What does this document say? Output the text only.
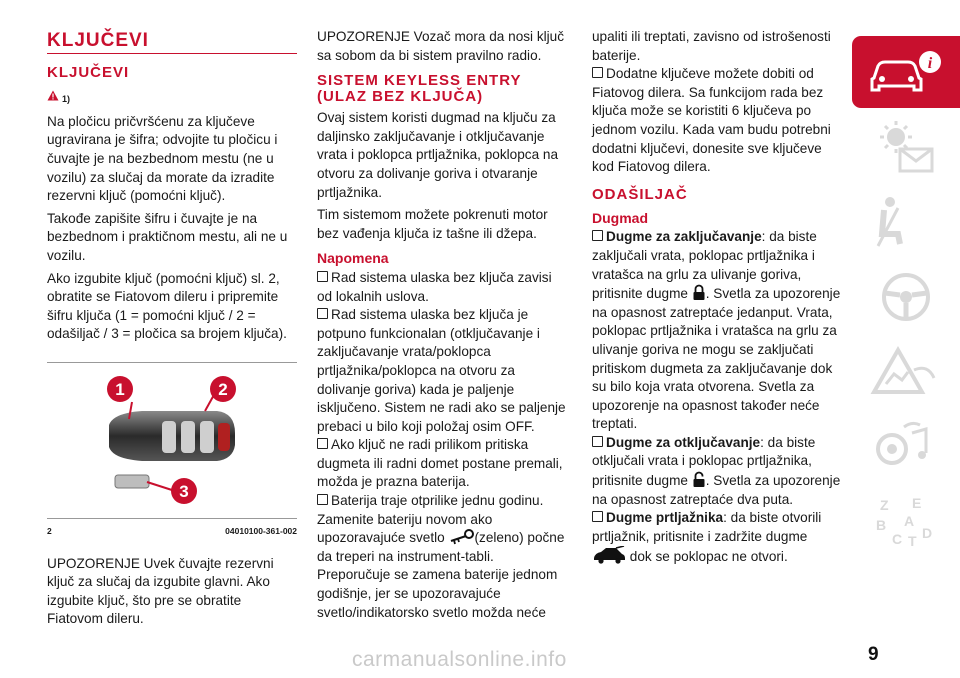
KLJUČEVI
KLJUČEVI
1)

Na pločicu pričvršćenu za ključeve ugravirana je šifra; odvojite tu pločicu i čuvajte je na bezbednom mestu (ne u vozilu) za slučaj da morate da izradite rezervni ključ (pomoćni ključ).

Takođe zapišite šifru i čuvajte je na bezbednom i praktičnom mestu, ali ne u vozilu.

Ako izgubite ključ (pomoćni ključ) sl. 2, obratite se Fiatovom dileru i pripremite šifru ključa (1 = pomoćni ključ / 2 = odašiljač / 3 = pločica sa brojem ključa).

1	2
3
2	04010100-361-002

UPOZORENJE Uvek čuvajte rezervni ključ za slučaj da izgubite glavni. Ako izgubite ključ, što pre se obratite Fiatovom dileru.

UPOZORENJE Vozač mora da nosi ključ sa sobom da bi sistem pravilno radio.

SISTEM KEYLESS ENTRY (ULAZ BEZ KLJUČA)

Ovaj sistem koristi dugmad na ključu za daljinsko zaključavanje i otključavanje vrata i poklopca prtljažnika, poklopca na otvoru za dolivanje goriva i otvaranje prtljažnika.

Tim sistemom možete pokrenuti motor bez vađenja ključa iz tašne ili džepa.

Napomena

Rad sistema ulaska bez ključa zavisi od lokalnih uslova.

Rad sistema ulaska bez ključa je potpuno funkcionalan (otključavanje i zaključavanje vrata/poklopca prtljažnika/poklopca na otvoru za dolivanje goriva) kada je paljenje isključeno. Sistem ne radi ako se paljenje prebaci u bilo koji položaj osim OFF.

Ako ključ ne radi prilikom pritiska dugmeta ili radni domet postane premali, možda je prazna baterija.

Baterija traje otprilike jednu godinu. Zamenite bateriju novom ako upozoravajuće svetlo (zeleno) počne da treperi na instrument-tabli. Preporučuje se zamena baterije jednom godišnje, jer se upozoravajuće svetlo/indikatorsko svetlo možda neće

upaliti ili treptati, zavisno od istrošenosti baterije.

Dodatne ključeve možete dobiti od Fiatovog dilera. Sa funkcijom rada bez ključa može se koristiti 6 ključeva po jednom vozilu. Kada vam budu potrebni dodatni ključevi, donesite sve ključeve kod Fiatovog dilera.

ODAŠILJAČ
Dugmad

Dugme za zaključavanje: da biste zaključali vrata, poklopac prtljažnika i vratašca na grlu za ulivanje goriva, pritisnite dugme . Svetla za upozorenje na opasnost zatreptaće jedanput. Vrata, poklopac prtljažnika i vratašca na grlu za ulivanje goriva ne mogu se zaključati pritiskom dugmeta za zaključavanje dok su bilo koja vrata otvorena. Svetla za upozorenje na opasnost također neće treptati.

Dugme za otključavanje: da biste otključali vrata i poklopac prtljažnika, pritisnite dugme . Svetla za upozorenje na opasnost zatreptaće dva puta.

Dugme prtljažnika: da biste otvorili prtljažnik, pritisnite i zadržite dugme
dok se poklopac ne otvori.

i
Z E
B A
C T D
9
carmanualsonline.info
